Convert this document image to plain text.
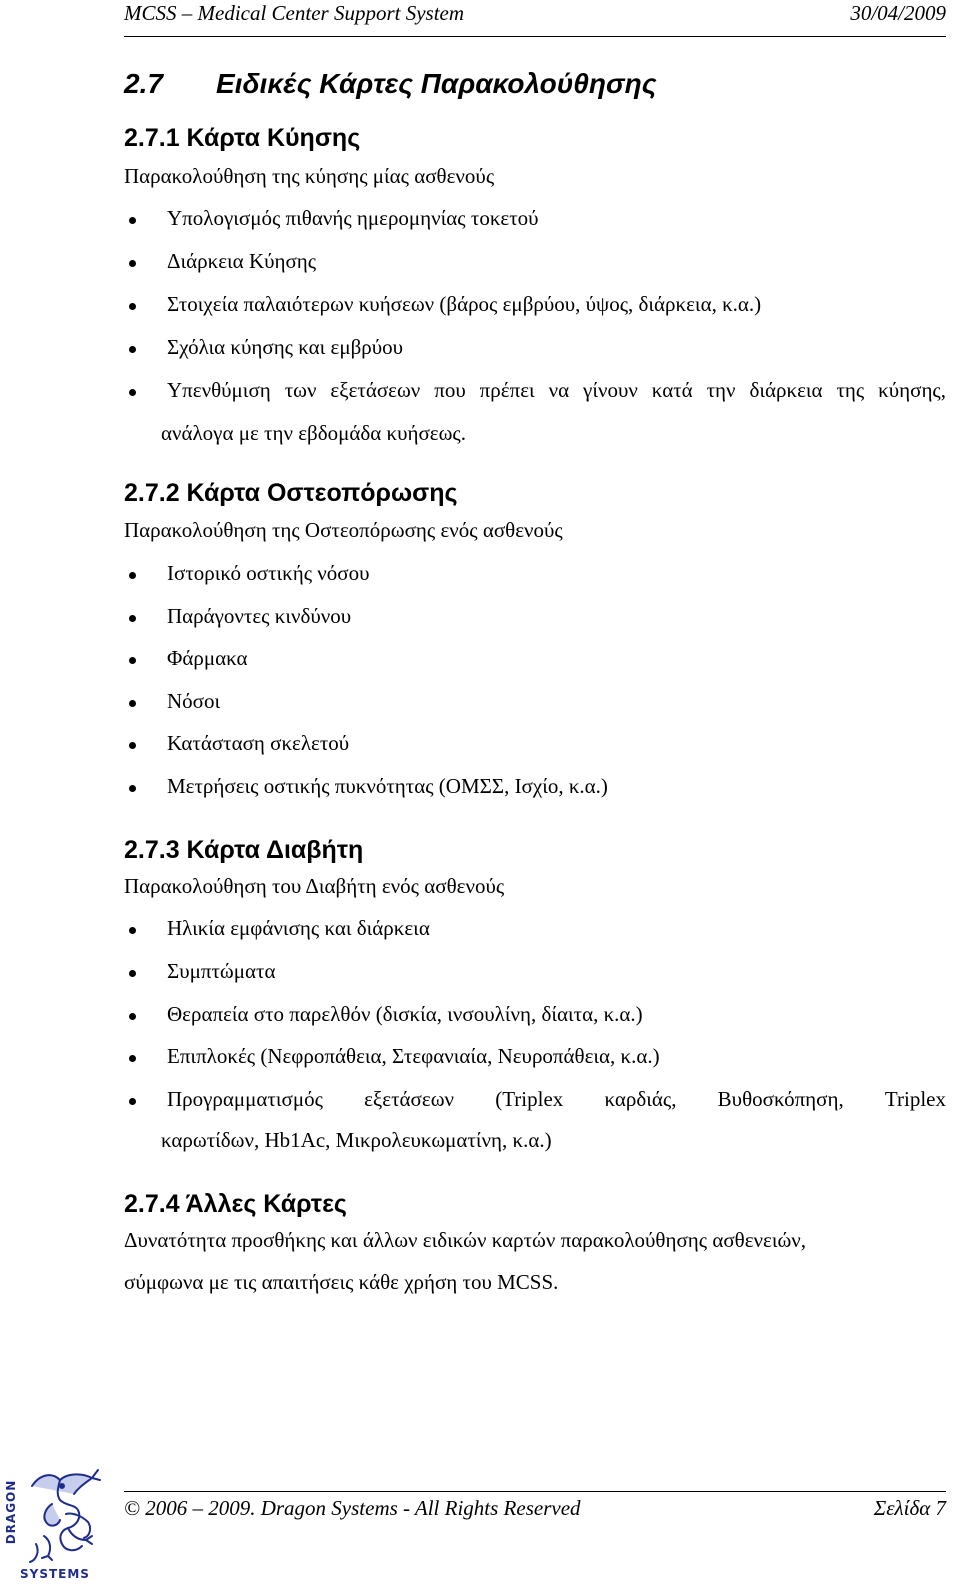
MCSS – Medical Center Support System	30/04/2009
2.7 Ειδικές Κάρτες Παρακολούθησης
2.7.1 Κάρτα Κύησης
Παρακολούθηση της κύησης μίας ασθενούς
Υπολογισμός πιθανής ημερομηνίας τοκετού
Διάρκεια Κύησης
Στοιχεία παλαιότερων κυήσεων (βάρος εμβρύου, ύψος, διάρκεια, κ.α.)
Σχόλια κύησης και εμβρύου
Υπενθύμιση των εξετάσεων που πρέπει να γίνουν κατά την διάρκεια της κύησης,
ανάλογα με την εβδομάδα κυήσεως.
2.7.2 Κάρτα Οστεοπόρωσης
Παρακολούθηση της Οστεοπόρωσης ενός ασθενούς
Ιστορικό οστικής νόσου
Παράγοντες κινδύνου
Φάρμακα
Νόσοι
Κατάσταση σκελετού
Μετρήσεις οστικής πυκνότητας (ΟΜΣΣ, Ισχίο, κ.α.)
2.7.3 Κάρτα Διαβήτη
Παρακολούθηση του Διαβήτη ενός ασθενούς
Ηλικία εμφάνισης και διάρκεια
Συμπτώματα
Θεραπεία στο παρελθόν (δισκία, ινσουλίνη, δίαιτα, κ.α.)
Επιπλοκές (Νεφροπάθεια, Στεφανιαία, Νευροπάθεια, κ.α.)
Προγραμματισμός εξετάσεων (Triplex καρδιάς, Βυθοσκόπηση, Triplex
καρωτίδων, Hb1Ac, Μικρολευκωματίνη, κ.α.)
2.7.4 Άλλες Κάρτες
Δυνατότητα προσθήκης και άλλων ειδικών καρτών παρακολούθησης ασθενειών,
σύμφωνα με τις απαιτήσεις κάθε χρήση του MCSS.
© 2006 – 2009. Dragon Systems - All Rights Reserved	Σελίδα 7
DRAGON
SYSTEMS
